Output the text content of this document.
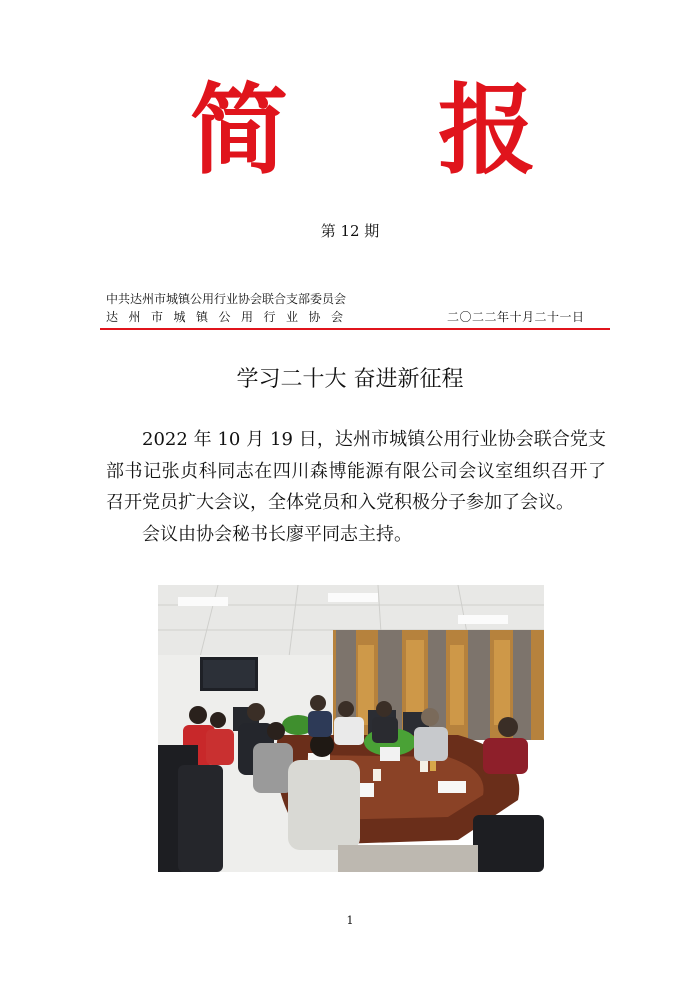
简 报
第 12 期
中共达州市城镇公用行业协会联合支部委员会
达州市城镇公用行业协会	二〇二二年十月二十一日
学习二十大 奋进新征程

2022 年 10 月 19 日，达州市城镇公用行业协会联合党支部书记张贞科同志在四川森博能源有限公司会议室组织召开了召开党员扩大会议，全体党员和入党积极分子参加了会议。

会议由协会秘书长廖平同志主持。

1
